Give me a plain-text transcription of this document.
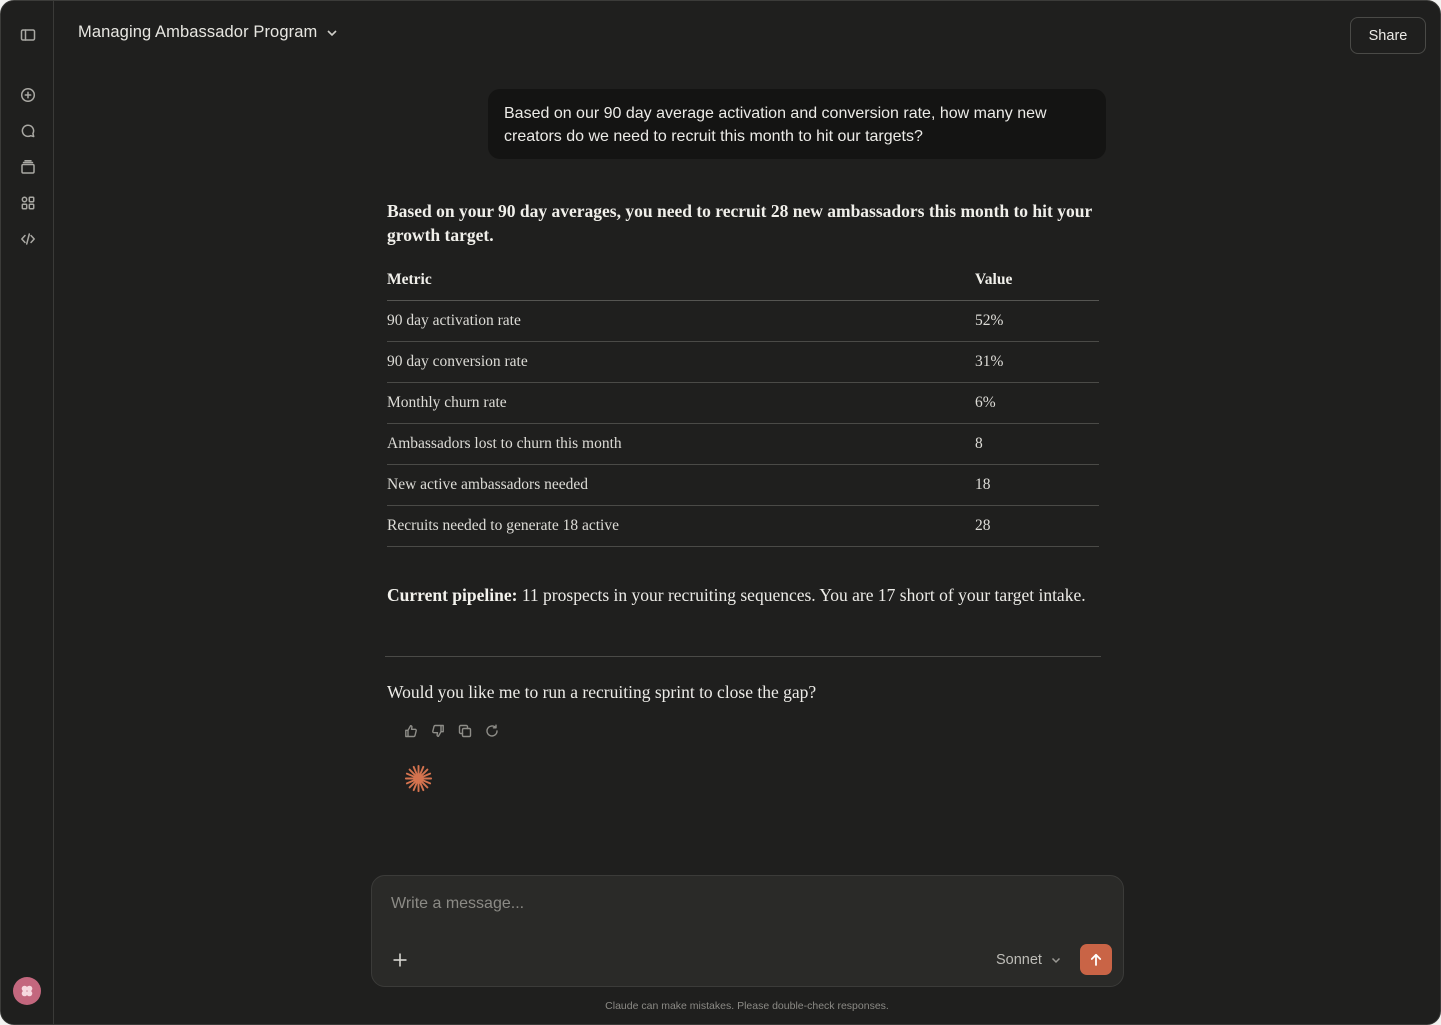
Managing Ambassador Program	Share
Based on our 90 day average activation and conversion rate, how many new creators do we need to recruit this month to hit our targets?
Based on your 90 day averages, you need to recruit 28 new ambassadors this month to hit your growth target.
Metric	Value
90 day activation rate	52%
90 day conversion rate	31%
Monthly churn rate	6%
Ambassadors lost to churn this month	8
New active ambassadors needed	18
Recruits needed to generate 18 active	28
Current pipeline: 11 prospects in your recruiting sequences. You are 17 short of your target intake.
Would you like me to run a recruiting sprint to close the gap?
Write a message...
Sonnet
Claude can make mistakes. Please double-check responses.
